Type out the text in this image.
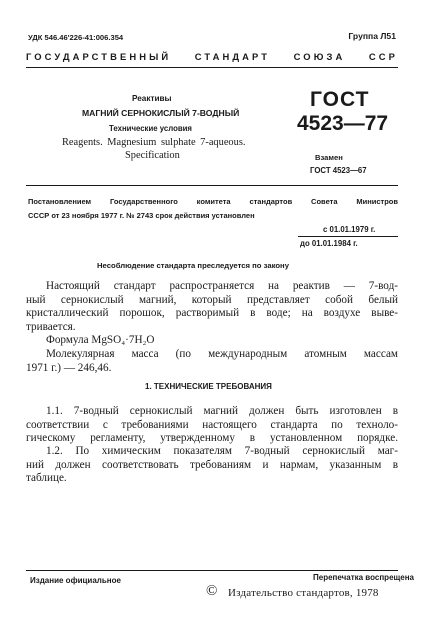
УДК 546.46'226-41:006.354	Группа Л51
ГОСУДАРСТВЕННЫЙ СТАНДАРТ СОЮЗА ССР
Реактивы
МАГНИЙ СЕРНОКИСЛЫЙ 7-ВОДНЫЙ
Технические условия
Reagents. Magnesium sulphate 7-aqueous.
Specification
ГОСТ
4523—77
Взамен
ГОСТ 4523—67
Постановлением Государственного комитета стандартов Совета Министров
СССР от 23 ноября 1977 г. № 2743 срок действия установлен
с 01.01.1979 г.
до 01.01.1984 г.
Несоблюдение стандарта преследуется по закону
Настоящий стандарт распространяется на реактив — 7-вод-
ный сернокислый магний, который представляет собой белый
кристаллический порошок, растворимый в воде; на воздухе выве-
тривается.
Формула MgSO₄·7H₂O
Молекулярная масса (по международным атомным массам
1971 г.) — 246,46.
1. ТЕХНИЧЕСКИЕ ТРЕБОВАНИЯ
1.1. 7-водный сернокислый магний должен быть изготовлен в
соответствии с требованиями настоящего стандарта по техноло-
гическому регламенту, утвержденному в установленном порядке.
1.2. По химическим показателям 7-водный сернокислый маг-
ний должен соответствовать требованиям и нармам, указанным в
таблице.
Издание официальное	Перепечатка воспрещена
© Издательство стандартов, 1978
